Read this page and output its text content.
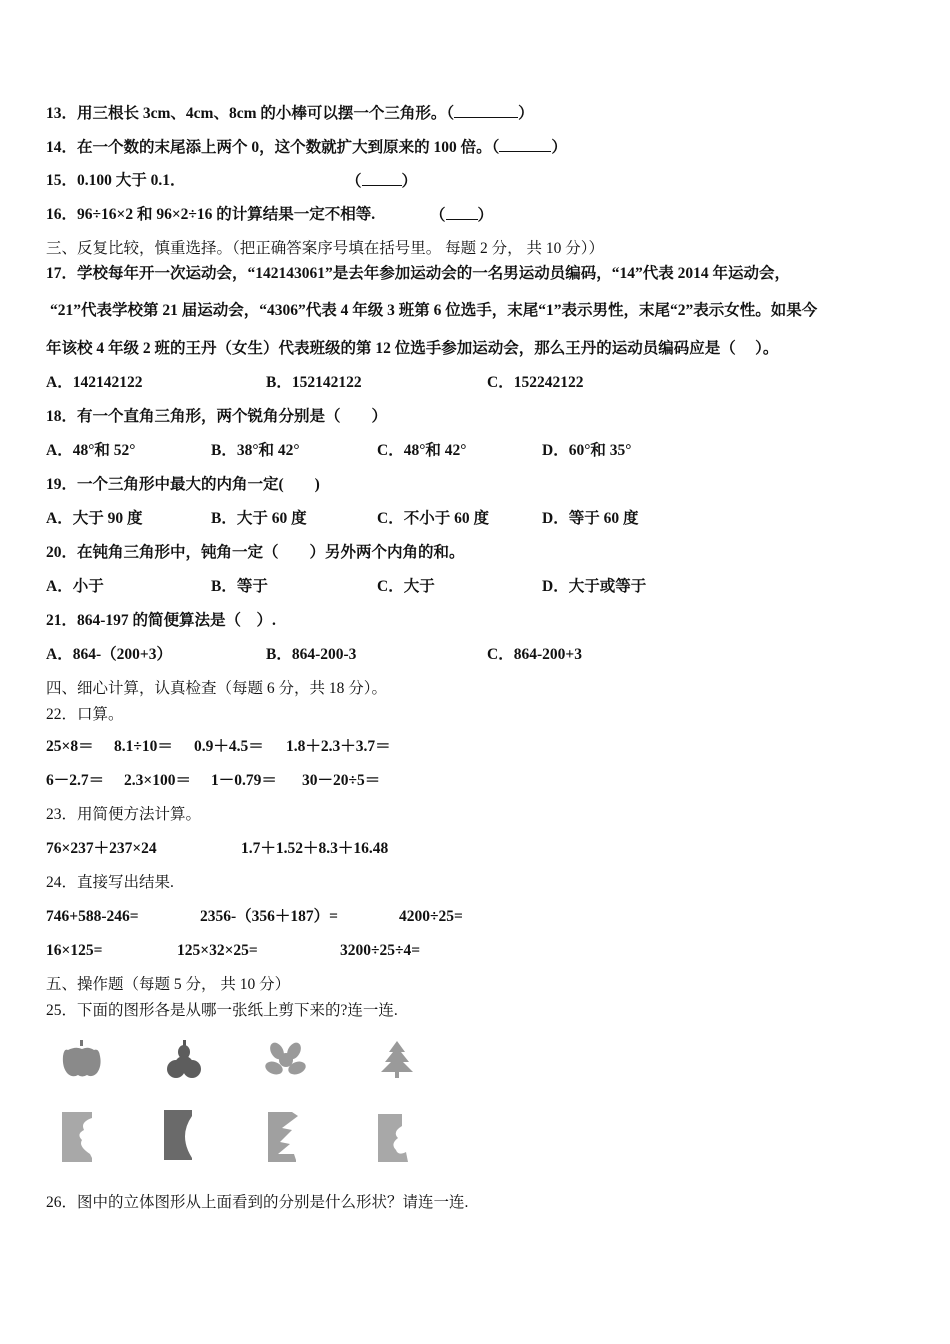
13．用三根长 3cm、4cm、8cm 的小棒可以摆一个三角形。（	）
14．在一个数的末尾添上两个 0，这个数就扩大到原来的 100 倍。（	）
15．0.100 大于 0.1．	（	）
16．96÷16×2 和 96×2÷16 的计算结果一定不相等.	（ ）
三、反复比较，慎重选择。（把正确答案序号填在括号里。 每题 2 分， 共 10 分））
17．学校每年开一次运动会，“142143061”是去年参加运动会的一名男运动员编码，“14”代表 2014 年运动会，
“21”代表学校第 21 届运动会，“4306”代表 4 年级 3 班第 6 位选手，末尾“1”表示男性，末尾“2”表示女性。如果今
年该校 4 年级 2 班的王丹（女生）代表班级的第 12 位选手参加运动会，那么王丹的运动员编码应是（　 ）。
A．142142122	B．152142122	C．152242122
18．有一个直角三角形，两个锐角分别是（　　）
A．48°和 52°	B．38°和 42°	C．48°和 42°	D．60°和 35°
19．一个三角形中最大的内角一定(　　)
A．大于 90 度	B．大于 60 度	C．不小于 60 度	D．等于 60 度
20．在钝角三角形中，钝角一定（　　）另外两个内角的和。
A．小于	B．等于	C．大于	D．大于或等于
21．864-197 的简便算法是（　）.
A．864-（200+3）	B．864-200-3	C．864-200+3
四、细心计算，认真检查（每题 6 分，共 18 分）。
22．口算。
25×8＝ 8.1÷10＝ 0.9＋4.5＝ 1.8＋2.3＋3.7＝
6－2.7＝ 2.3×100＝ 1－0.79＝ 30－20÷5＝
23．用简便方法计算。
76×237＋237×24	1.7＋1.52＋8.3＋16.48
24．直接写出结果.
746+588-246=	2356-（356＋187）=	4200÷25=
16×125=	125×32×25=	3200÷25÷4=
五、操作题（每题 5 分， 共 10 分）
25．下面的图形各是从哪一张纸上剪下来的?连一连.
26．图中的立体图形从上面看到的分别是什么形状？请连一连.
